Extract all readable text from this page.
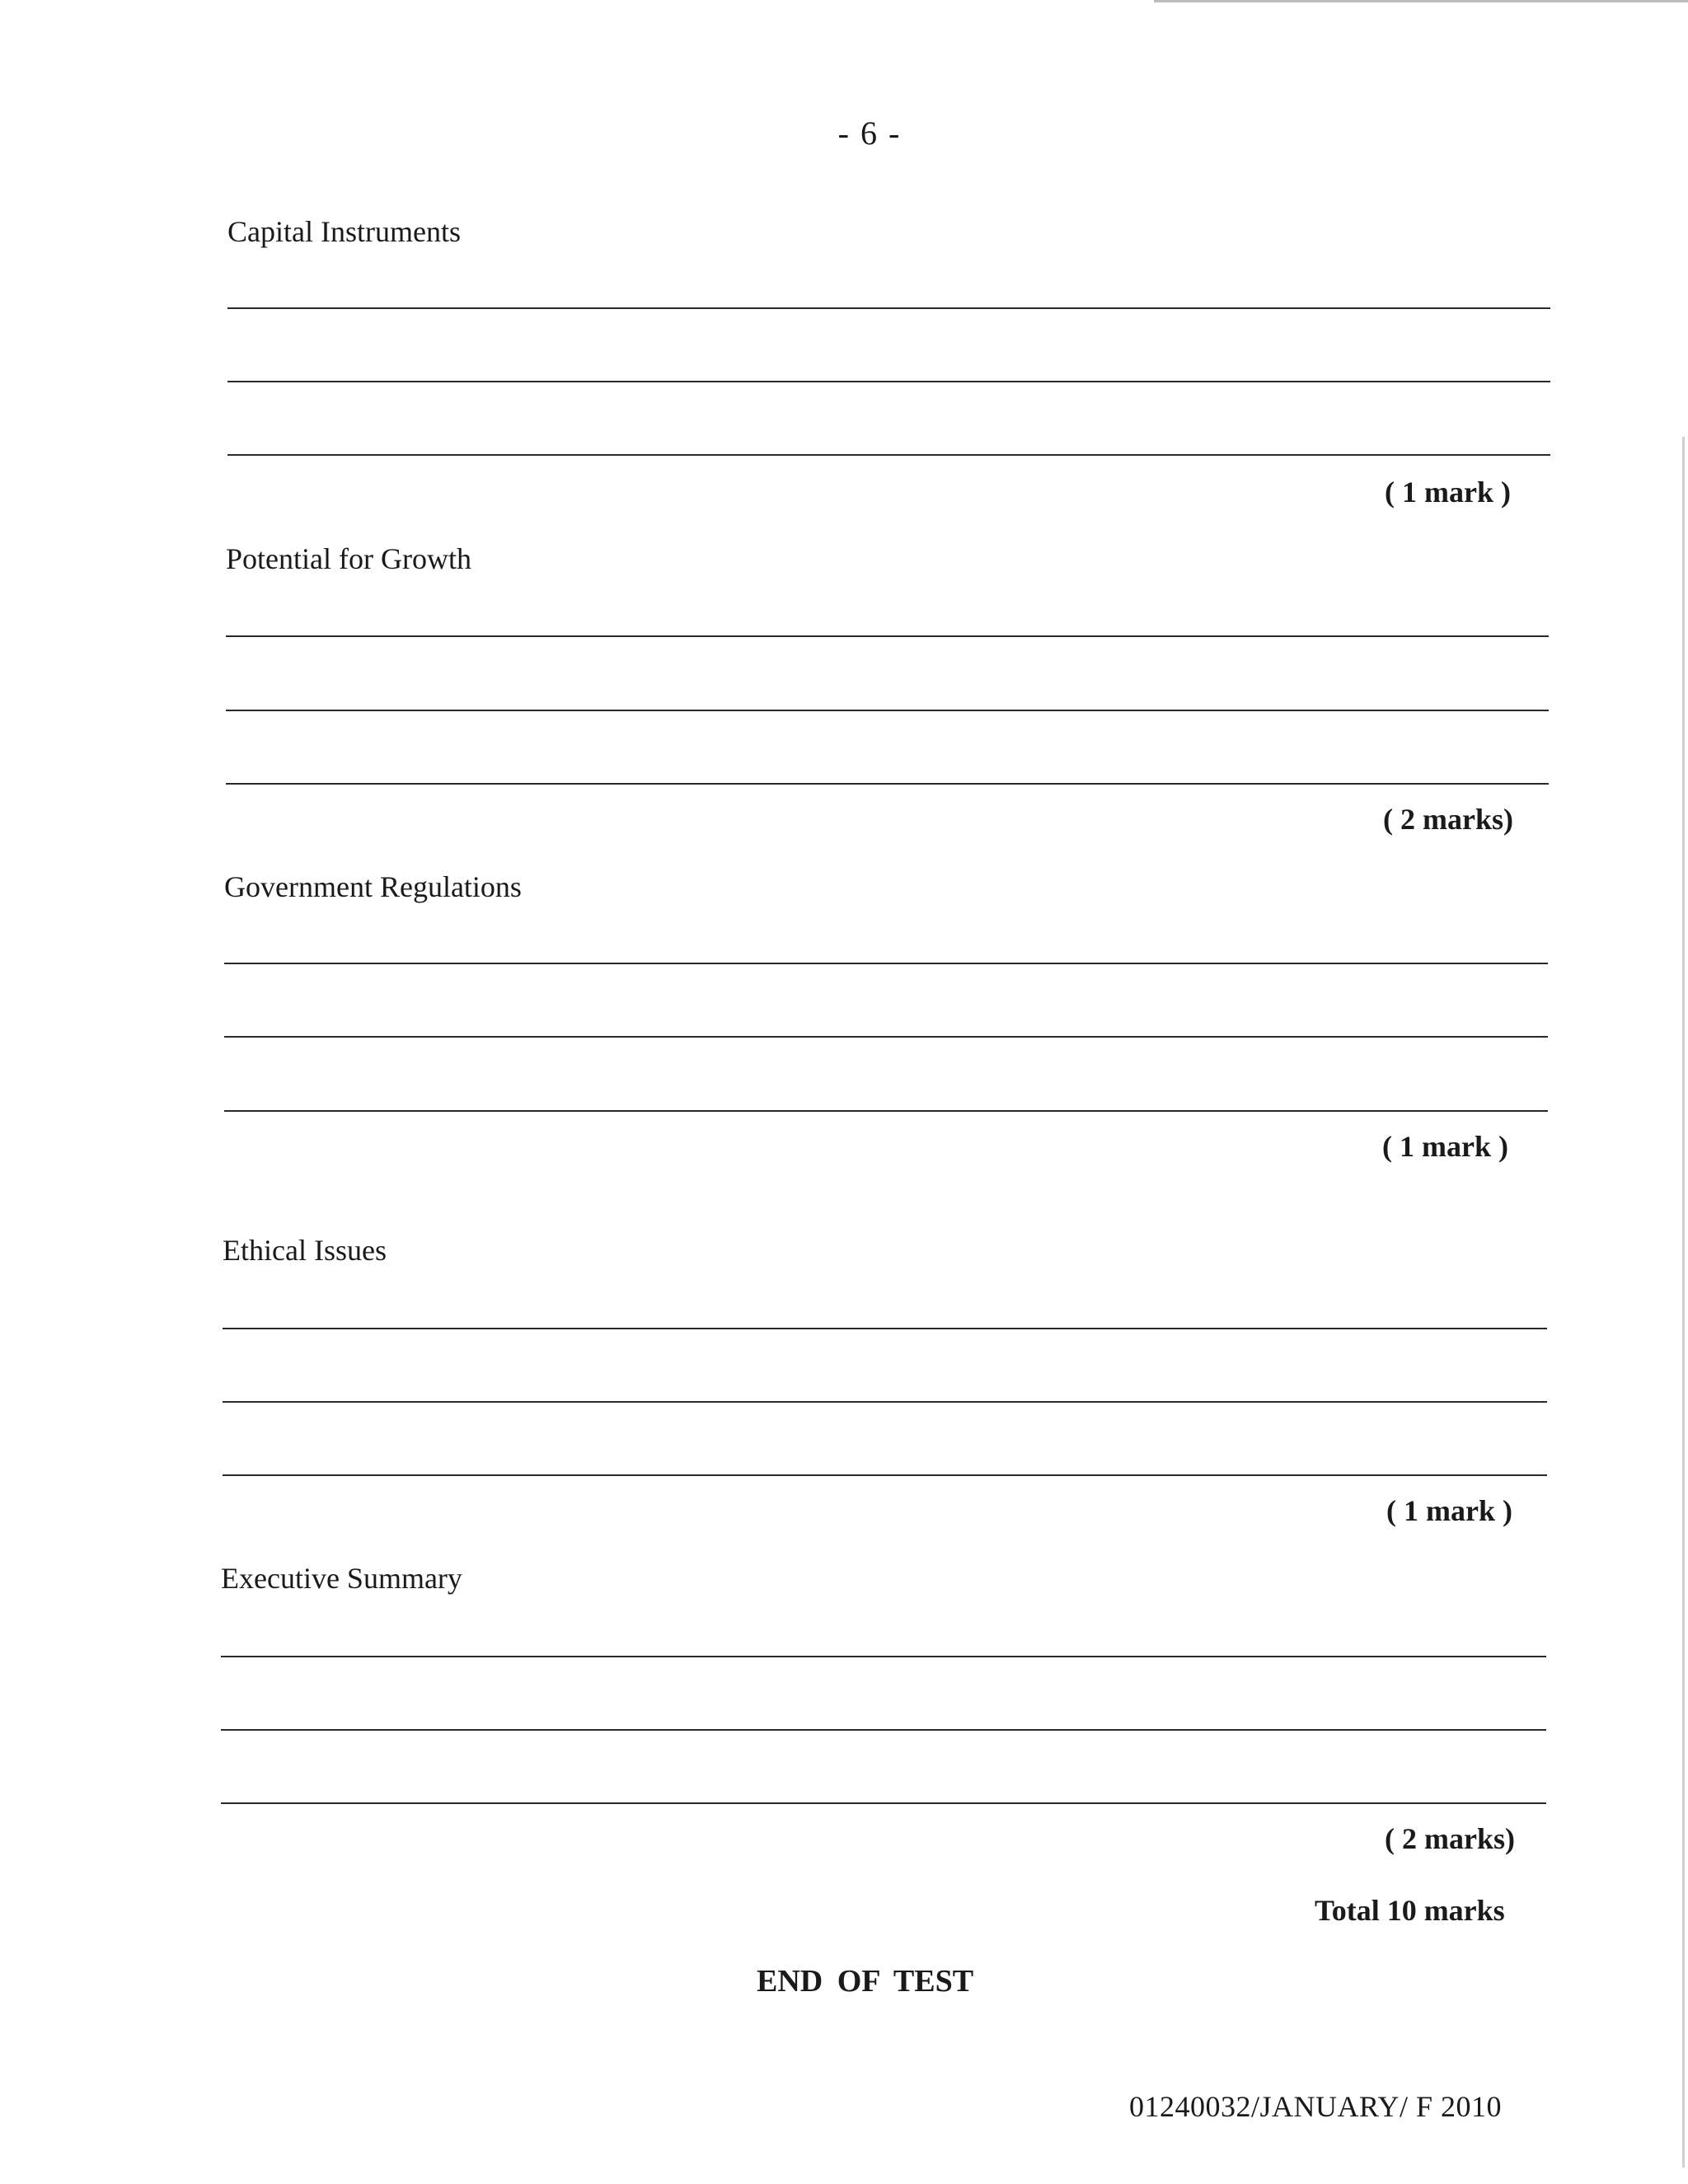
- 6 -
Capital Instruments
( 1 mark )
Potential for Growth
( 2 marks)
Government Regulations
( 1 mark )
Ethical Issues
( 1 mark )
Executive Summary
( 2 marks)
Total 10 marks
END OF TEST
01240032/JANUARY/ F 2010
